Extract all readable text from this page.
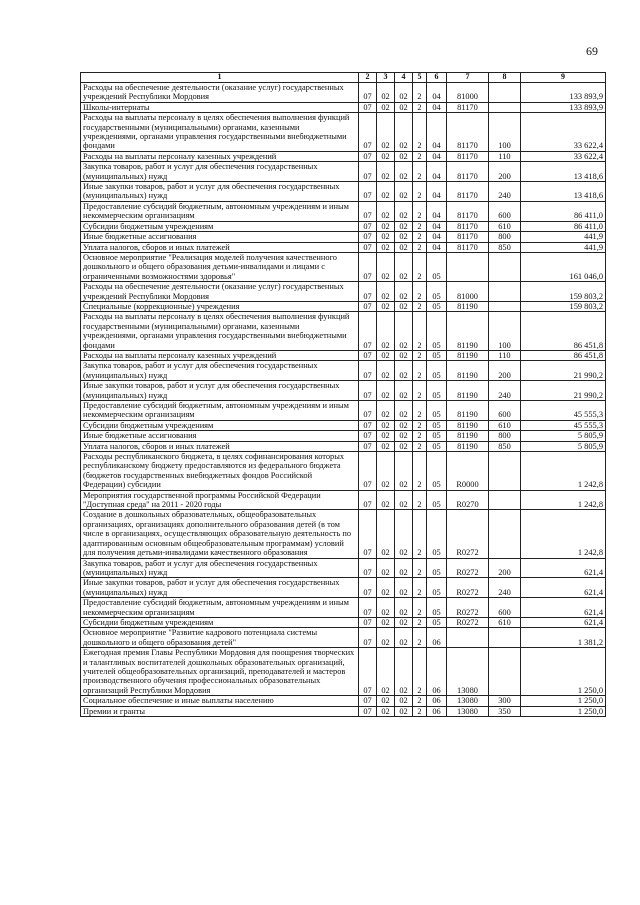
69
1	2	3	4	5	6	7	8	9
Расходы на обеспечение деятельности (оказание услуг) государственных учреждений Республики Мордовия	07	02	02	2	04	81000		133 893,9
Школы-интернаты	07	02	02	2	04	81170		133 893,9
Расходы на выплаты персоналу в целях обеспечения выполнения функций государственными (муниципальными) органами, казенными учреждениями, органами управления государственными внебюджетными фондами	07	02	02	2	04	81170	100	33 622,4
Расходы на выплаты персоналу казенных учреждений	07	02	02	2	04	81170	110	33 622,4
Закупка товаров, работ и услуг для обеспечения государственных (муниципальных) нужд	07	02	02	2	04	81170	200	13 418,6
Иные закупки товаров, работ и услуг для обеспечения государственных (муниципальных) нужд	07	02	02	2	04	81170	240	13 418,6
Предоставление субсидий бюджетным, автономным учреждениям и иным некоммерческим организациям	07	02	02	2	04	81170	600	86 411,0
Субсидии бюджетным учреждениям	07	02	02	2	04	81170	610	86 411,0
Иные бюджетные ассигнования	07	02	02	2	04	81170	800	441,9
Уплата налогов, сборов и иных платежей	07	02	02	2	04	81170	850	441,9
Основное мероприятие "Реализация моделей получения качественного дошкольного и общего образования детьми-инвалидами и лицами с ограниченными возможностями здоровья"	07	02	02	2	05			161 046,0
Расходы на обеспечение деятельности (оказание услуг) государственных учреждений Республики Мордовия	07	02	02	2	05	81000		159 803,2
Специальные (коррекционные) учреждения	07	02	02	2	05	81190		159 803,2
Расходы на выплаты персоналу в целях обеспечения выполнения функций государственными (муниципальными) органами, казенными учреждениями, органами управления государственными внебюджетными фондами	07	02	02	2	05	81190	100	86 451,8
Расходы на выплаты персоналу казенных учреждений	07	02	02	2	05	81190	110	86 451,8
Закупка товаров, работ и услуг для обеспечения государственных (муниципальных) нужд	07	02	02	2	05	81190	200	21 990,2
Иные закупки товаров, работ и услуг для обеспечения государственных (муниципальных) нужд	07	02	02	2	05	81190	240	21 990,2
Предоставление субсидий бюджетным, автономным учреждениям и иным некоммерческим организациям	07	02	02	2	05	81190	600	45 555,3
Субсидии бюджетным учреждениям	07	02	02	2	05	81190	610	45 555,3
Иные бюджетные ассигнования	07	02	02	2	05	81190	800	5 805,9
Уплата налогов, сборов и иных платежей	07	02	02	2	05	81190	850	5 805,9
Расходы республиканского бюджета, в целях софинансирования которых республиканскому бюджету предоставляются из федерального бюджета (бюджетов государственных внебюджетных фондов Российской Федерации) субсидии	07	02	02	2	05	R0000		1 242,8
Мероприятия государственной программы Российской Федерации "Доступная среда" на 2011 - 2020 годы	07	02	02	2	05	R0270		1 242,8
Создание в дошкольных образовательных, общеобразовательных организациях, организациях дополнительного образования детей (в том числе в организациях, осуществляющих образовательную деятельность по адаптированным основным общеобразовательным программам) условий для получения детьми-инвалидами качественного образования	07	02	02	2	05	R0272		1 242,8
Закупка товаров, работ и услуг для обеспечения государственных (муниципальных) нужд	07	02	02	2	05	R0272	200	621,4
Иные закупки товаров, работ и услуг для обеспечения государственных (муниципальных) нужд	07	02	02	2	05	R0272	240	621,4
Предоставление субсидий бюджетным, автономным учреждениям и иным некоммерческим организациям	07	02	02	2	05	R0272	600	621,4
Субсидии бюджетным учреждениям	07	02	02	2	05	R0272	610	621,4
Основное мероприятие "Развитие кадрового потенциала системы дошкольного и общего образования детей"	07	02	02	2	06			1 381,2
Ежегодная премия Главы Республики Мордовия для поощрения творческих и талантливых воспитателей дошкольных образовательных организаций, учителей общеобразовательных организаций, преподавателей и мастеров производственного обучения профессиональных образовательных организаций Республики Мордовия	07	02	02	2	06	13080		1 250,0
Социальное обеспечение и иные выплаты населению	07	02	02	2	06	13080	300	1 250,0
Премии и гранты	07	02	02	2	06	13080	350	1 250,0
